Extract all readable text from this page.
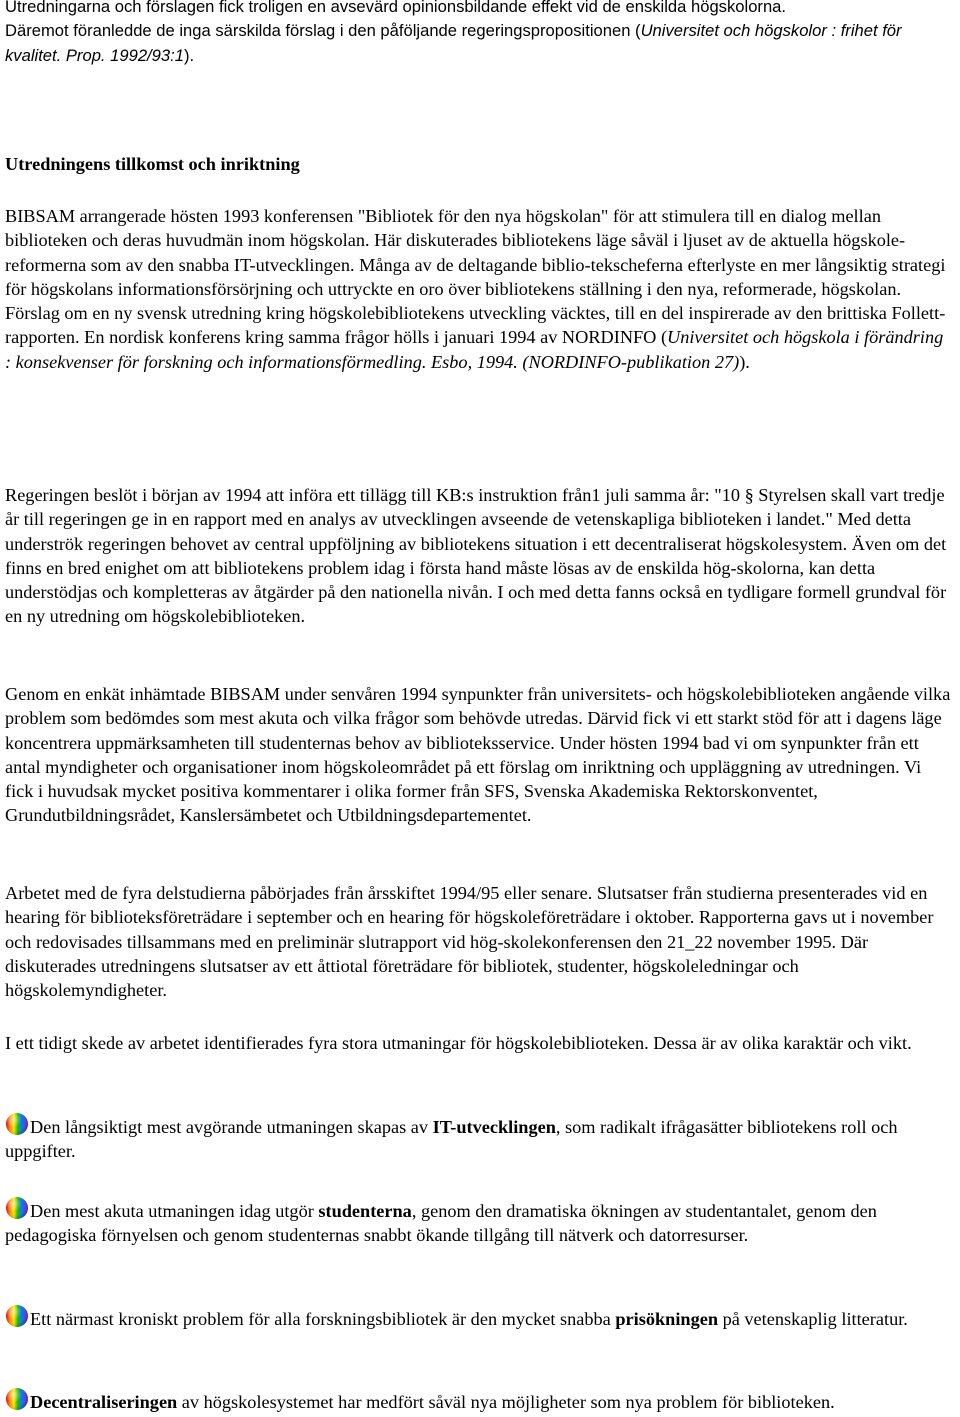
Utredningarna och förslagen fick troligen en avsevärd opinionsbildande effekt vid de enskilda högskolorna.

Däremot föranledde de inga särskilda förslag i den påföljande regeringspropositionen (Universitet och högskolor : frihet för kvalitet. Prop. 1992/93:1).

Utredningens tillkomst och inriktning

BIBSAM arrangerade hösten 1993 konferensen "Bibliotek för den nya högskolan" för att stimulera till en dialog mellan biblioteken och deras huvudmän inom högskolan. Här diskuterades bibliotekens läge såväl i ljuset av de aktuella högskole-reformerna som av den snabba IT-utvecklingen. Många av de deltagande biblio-tekscheferna efterlyste en mer långsiktig strategi för högskolans informationsförsörjning och uttryckte en oro över bibliotekens ställning i den nya, reformerade, högskolan. Förslag om en ny svensk utredning kring högskolebibliotekens utveckling väcktes, till en del inspirerade av den brittiska Follett-rapporten. En nordisk konferens kring samma frågor hölls i januari 1994 av NORDINFO (Universitet och högskola i förändring : konsekvenser för forskning och informationsförmedling. Esbo, 1994. (NORDINFO-publikation 27)).

Regeringen beslöt i början av 1994 att införa ett tillägg till KB:s instruktion från1 juli samma år: "10 § Styrelsen skall vart tredje år till regeringen ge in en rapport med en analys av utvecklingen avseende de vetenskapliga biblioteken i landet." Med detta underströk regeringen behovet av central uppföljning av bibliotekens situation i ett decentraliserat högskolesystem. Även om det finns en bred enighet om att bibliotekens problem idag i första hand måste lösas av de enskilda hög-skolorna, kan detta understödjas och kompletteras av åtgärder på den nationella nivån. I och med detta fanns också en tydligare formell grundval för en ny utredning om högskolebiblioteken.

Genom en enkät inhämtade BIBSAM under senvåren 1994 synpunkter från universitets- och högskolebiblioteken angående vilka problem som bedömdes som mest akuta och vilka frågor som behövde utredas. Därvid fick vi ett starkt stöd för att i dagens läge koncentrera uppmärksamheten till studenternas behov av biblioteksservice. Under hösten 1994 bad vi om synpunkter från ett antal myndigheter och organisationer inom högskoleområdet på ett förslag om inriktning och uppläggning av utredningen. Vi fick i huvudsak mycket positiva kommentarer i olika former från SFS, Svenska Akademiska Rektorskonventet, Grundutbildningsrådet, Kanslersämbetet och Utbildningsdepartementet.

Arbetet med de fyra delstudierna påbörjades från årsskiftet 1994/95 eller senare. Slutsatser från studierna presenterades vid en hearing för biblioteksföreträdare i september och en hearing för högskoleföreträdare i oktober. Rapporterna gavs ut i november och redovisades tillsammans med en preliminär slutrapport vid hög-skolekonferensen den 21_22 november 1995. Där diskuterades utredningens slutsatser av ett åttiotal företrädare för bibliotek, studenter, högskoleledningar och högskolemyndigheter.

I ett tidigt skede av arbetet identifierades fyra stora utmaningar för högskolebiblioteken. Dessa är av olika karaktär och vikt.

Den långsiktigt mest avgörande utmaningen skapas av IT-utvecklingen, som radikalt ifrågasätter bibliotekens roll och uppgifter.

Den mest akuta utmaningen idag utgör studenterna, genom den dramatiska ökningen av studentantalet, genom den pedagogiska förnyelsen och genom studenternas snabbt ökande tillgång till nätverk och datorresurser.

Ett närmast kroniskt problem för alla forskningsbibliotek är den mycket snabba prisökningen på vetenskaplig litteratur.

Decentraliseringen av högskolesystemet har medfört såväl nya möjligheter som nya problem för biblioteken.
